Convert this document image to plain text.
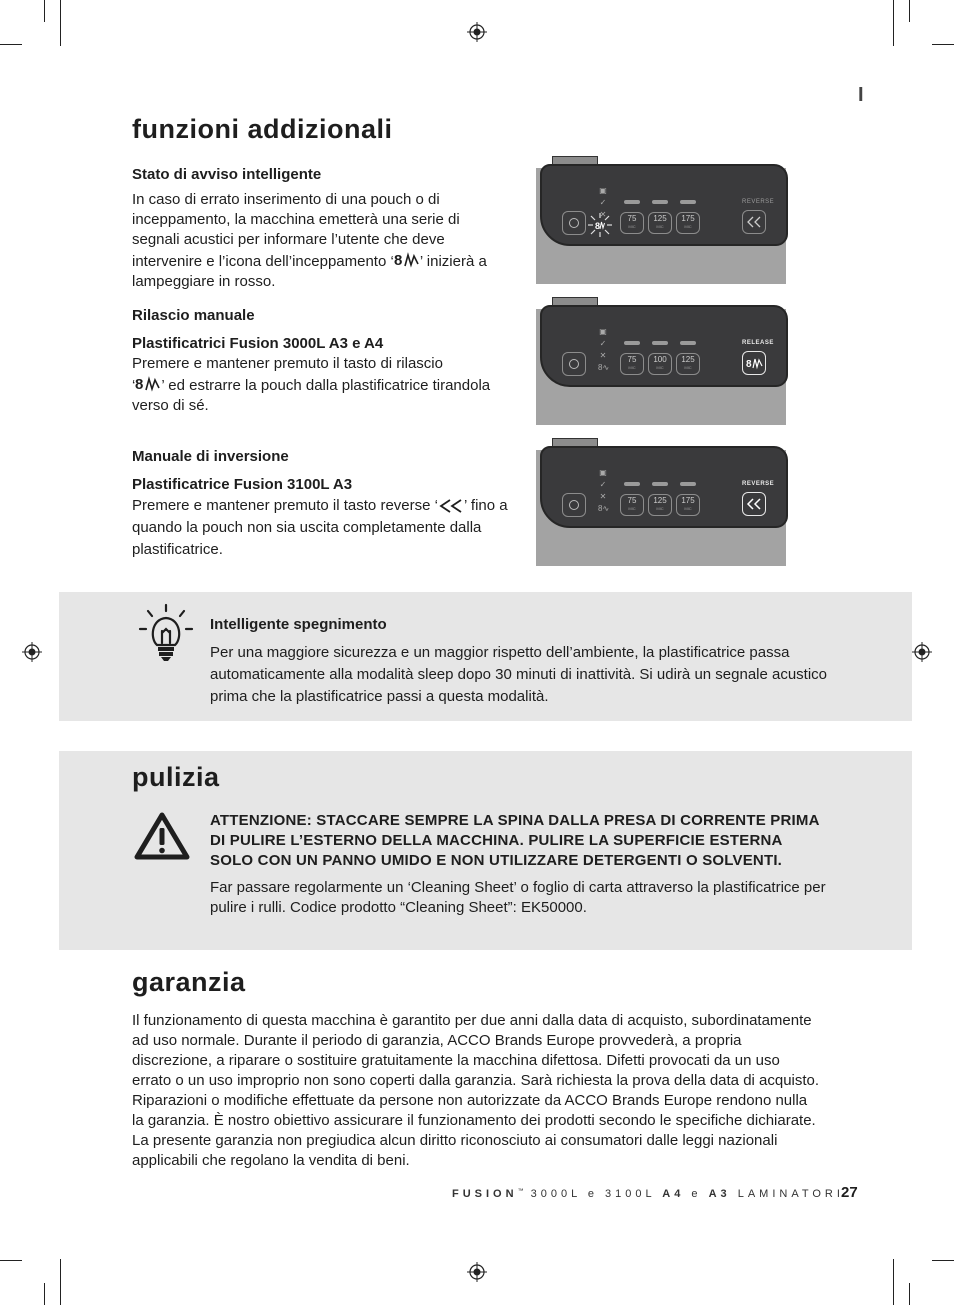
I
funzioni addizionali
Stato di avviso intelligente
In caso di errato inserimento di una pouch o di inceppamento, la macchina emetterà una serie di segnali acustici per informare l’utente che deve intervenire e l’icona dell’inceppamento ‘ 8 ’ inizierà a lampeggiare in rosso.
Rilascio manuale
Plastificatrici Fusion 3000L A3 e A4
Premere e mantener premuto il tasto di rilascio
‘ 8 ’ ed estrarre la pouch dalla plastificatrice tirandola verso di sé.
Manuale di inversione
Plastificatrice Fusion 3100L A3
Premere e mantener premuto il tasto reverse ‘ ’ fino a quando la pouch non sia uscita completamente dalla plastificatrice.
▣
✓
✕
8
75
MIC
125
MIC
175
MIC
REVERSE
▣
✓
✕
8∿
75
MIC
100
MIC
125
MIC
RELEASE
8
▣
✓
✕
8∿
75
MIC
125
MIC
175
MIC
REVERSE
Intelligente spegnimento
Per una maggiore sicurezza e un maggior rispetto dell’ambiente, la plastificatrice passa automaticamente alla modalità sleep dopo 30 minuti di inattività. Si udirà un segnale acustico prima che la plastificatrice passi a questa modalità.
pulizia
ATTENZIONE: STACCARE SEMPRE LA SPINA DALLA PRESA DI CORRENTE PRIMA DI PULIRE L’ESTERNO DELLA MACCHINA. PULIRE LA SUPERFICIE ESTERNA SOLO CON UN PANNO UMIDO E NON UTILIZZARE DETERGENTI O SOLVENTI.
Far passare regolarmente un ‘Cleaning Sheet’ o foglio di carta attraverso la plastificatrice per pulire i rulli. Codice prodotto “Cleaning Sheet”: EK50000.
garanzia
Il funzionamento di questa macchina è garantito per due anni dalla data di acquisto, subordinatamente ad uso normale. Durante il periodo di garanzia, ACCO Brands Europe provvederà, a propria discrezione, a riparare o sostituire gratuitamente la macchina difettosa. Difetti provocati da un uso errato o un uso improprio non sono coperti dalla garanzia. Sarà richiesta la prova della data di acquisto. Riparazioni o modifiche effettuate da persone non autorizzate da ACCO Brands Europe rendono nulla la garanzia. È nostro obiettivo assicurare il funzionamento dei prodotti secondo le specifiche dichiarate. La presente garanzia non pregiudica alcun diritto riconosciuto ai consumatori dalle leggi nazionali applicabili che regolano la vendita di beni.
FUSION™ 3000L e 3100L A4 e A3 LAMINATORI
27
